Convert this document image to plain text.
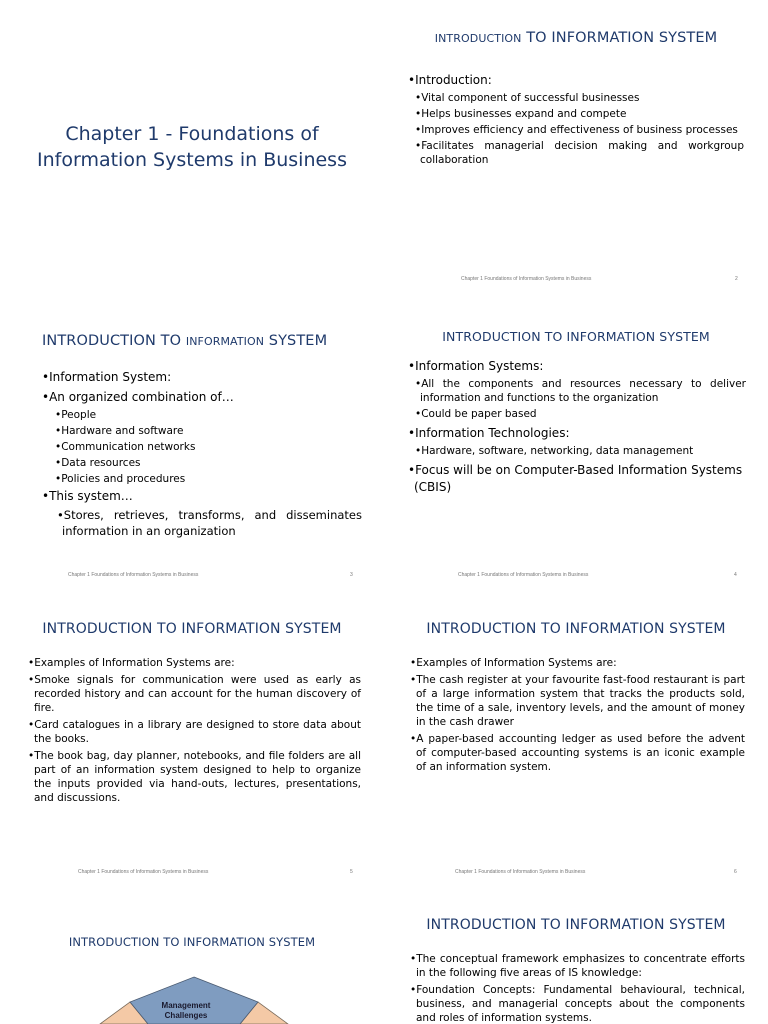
Chapter 1 - Foundations of
Information Systems in Business
INTRODUCTION TO INFORMATION SYSTEM
• Introduction:
• Vital component of successful businesses
• Helps businesses expand and compete
• Improves efficiency and effectiveness of business processes
• Facilitates managerial decision making and workgroup collaboration
Chapter 1 Foundations of Information Systems in Business	2
INTRODUCTION TO INFORMATION SYSTEM
• Information System:
• An organized combination of…
• People
• Hardware and software
• Communication networks
• Data resources
• Policies and procedures
• This system…
• Stores, retrieves, transforms, and disseminates information in an organization
Chapter 1 Foundations of Information Systems in Business	3
INTRODUCTION TO INFORMATION SYSTEM
• Information Systems:
• All the components and resources necessary to deliver information and functions to the organization
• Could be paper based
• Information Technologies:
• Hardware, software, networking, data management
• Focus will be on Computer-Based Information Systems (CBIS)
Chapter 1 Foundations of Information Systems in Business	4
INTRODUCTION TO INFORMATION SYSTEM
• Examples of Information Systems are:
• Smoke signals for communication were used as early as recorded history and can account for the human discovery of fire.
• Card catalogues in a library are designed to store data about the books.
• The book bag, day planner, notebooks, and file folders are all part of an information system designed to help to organize the inputs provided via hand-outs, lectures, presentations, and discussions.
Chapter 1 Foundations of Information Systems in Business	5
INTRODUCTION TO INFORMATION SYSTEM
• Examples of Information Systems are:
• The cash register at your favourite fast-food restaurant is part of a large information system that tracks the products sold, the time of a sale, inventory levels, and the amount of money in the cash drawer
• A paper-based accounting ledger as used before the advent of computer-based accounting systems is an iconic example of an information system.
Chapter 1 Foundations of Information Systems in Business	6
INTRODUCTION TO INFORMATION SYSTEM
Management
Challenges
INTRODUCTION TO INFORMATION SYSTEM
• The conceptual framework emphasizes to concentrate efforts in the following five areas of IS knowledge:
• Foundation Concepts: Fundamental behavioural, technical, business, and managerial concepts about the components and roles of information systems.
